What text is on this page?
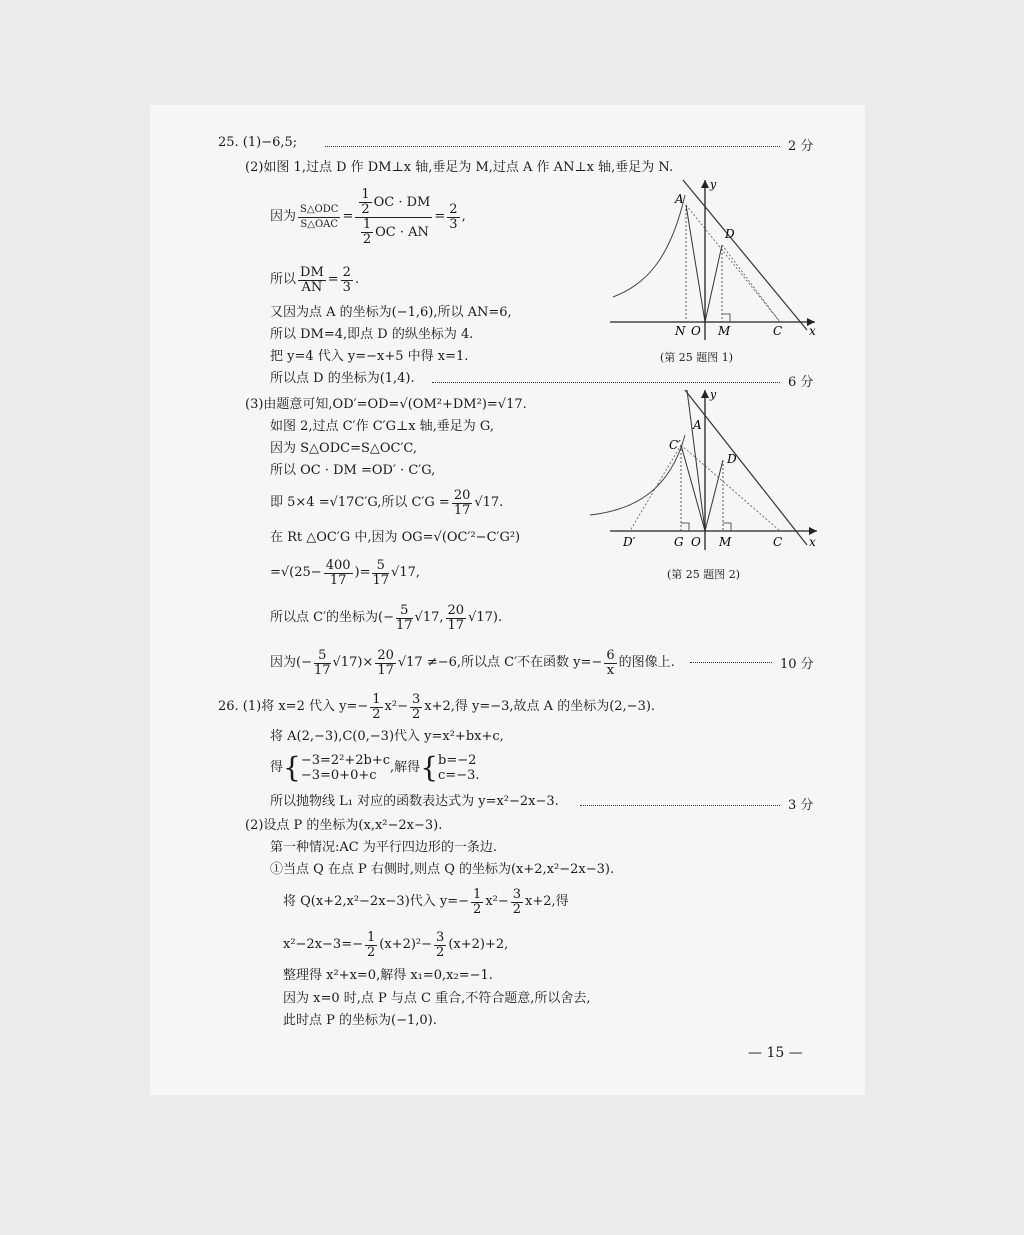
25. (1)−6,5;	2 分
(2)如图 1,过点 D 作 DM⊥x 轴,垂足为 M,过点 A 作 AN⊥x 轴,垂足为 N.
因为 $\frac{\text{S△ODC}}{\text{S△OAC}} = \frac{\frac{1}{2} OC \cdot DM}{\frac{1}{2} OC \cdot AN} = \frac{2}{3}$ ,
所以 $\frac{DM}{AN} = \frac{2}{3}$ .
又因为点 A 的坐标为(−1,6),所以 AN=6,
所以 DM=4,即点 D 的纵坐标为 4.
把 y=4 代入 y=−x+5 中得 x=1.
所以点 D 的坐标为(1,4).	6 分
A
D
N O M	C x
y
(第 25 题图 1)
(3)由题意可知,OD′=OD=√(OM²+DM²)=√17.
如图 2,过点 C′作 C′G⊥x 轴,垂足为 G,
因为 S△ODC=S△OC′C,
所以 OC · DM =OD′ · C′G,
即 5×4 =√17C′G,所以 $C'G = \frac{20}{17} √17$.
在 Rt △OC′G 中,因为 OG=√(OC′²−C′G²)
$=√(25- \frac{400}{17}$ )= $\frac{5}{17} √17$,
所以点 C′的坐标为(− $\frac{5}{17} √17$, $\frac{20}{17} √17$).
因为(− $\frac{5}{17} √17)\times \frac{20}{17} √17 \ne-6$,所以点 C′不在函数 $y=- \frac{6}{x}$ 的图像上.	10 分
C′
A
D
D′	G O M	C x
y
(第 25 题图 2)
26. (1)将 x=2 代入 $y=- \frac{1}{2} x^2- \frac{3}{2} x+2$,得 y=−3,故点 A 的坐标为(2,−3).
将 A(2,−3),C(0,−3)代入 y=x²+bx+c,
得 { −3=2²+2b+c
−3=0+0+c
,解得 { b=−2
c=−3.
所以抛物线 L₁ 对应的函数表达式为 y=x²−2x−3.	3 分
(2)设点 P 的坐标为(x,x²−2x−3).
第一种情况:AC 为平行四边形的一条边.
①当点 Q 在点 P 右侧时,则点 Q 的坐标为(x+2,x²−2x−3).
将 Q(x+2,x²−2x−3)代入 $y=- \frac{1}{2} x^2- \frac{3}{2} x+2$,得
$x^2-2x-3=- \frac{1}{2} (x+2)^2- \frac{3}{2} (x+2)+2$,
整理得 x²+x=0,解得 x₁=0,x₂=−1.
因为 x=0 时,点 P 与点 C 重合,不符合题意,所以舍去,
此时点 P 的坐标为(−1,0).
— 15 —
